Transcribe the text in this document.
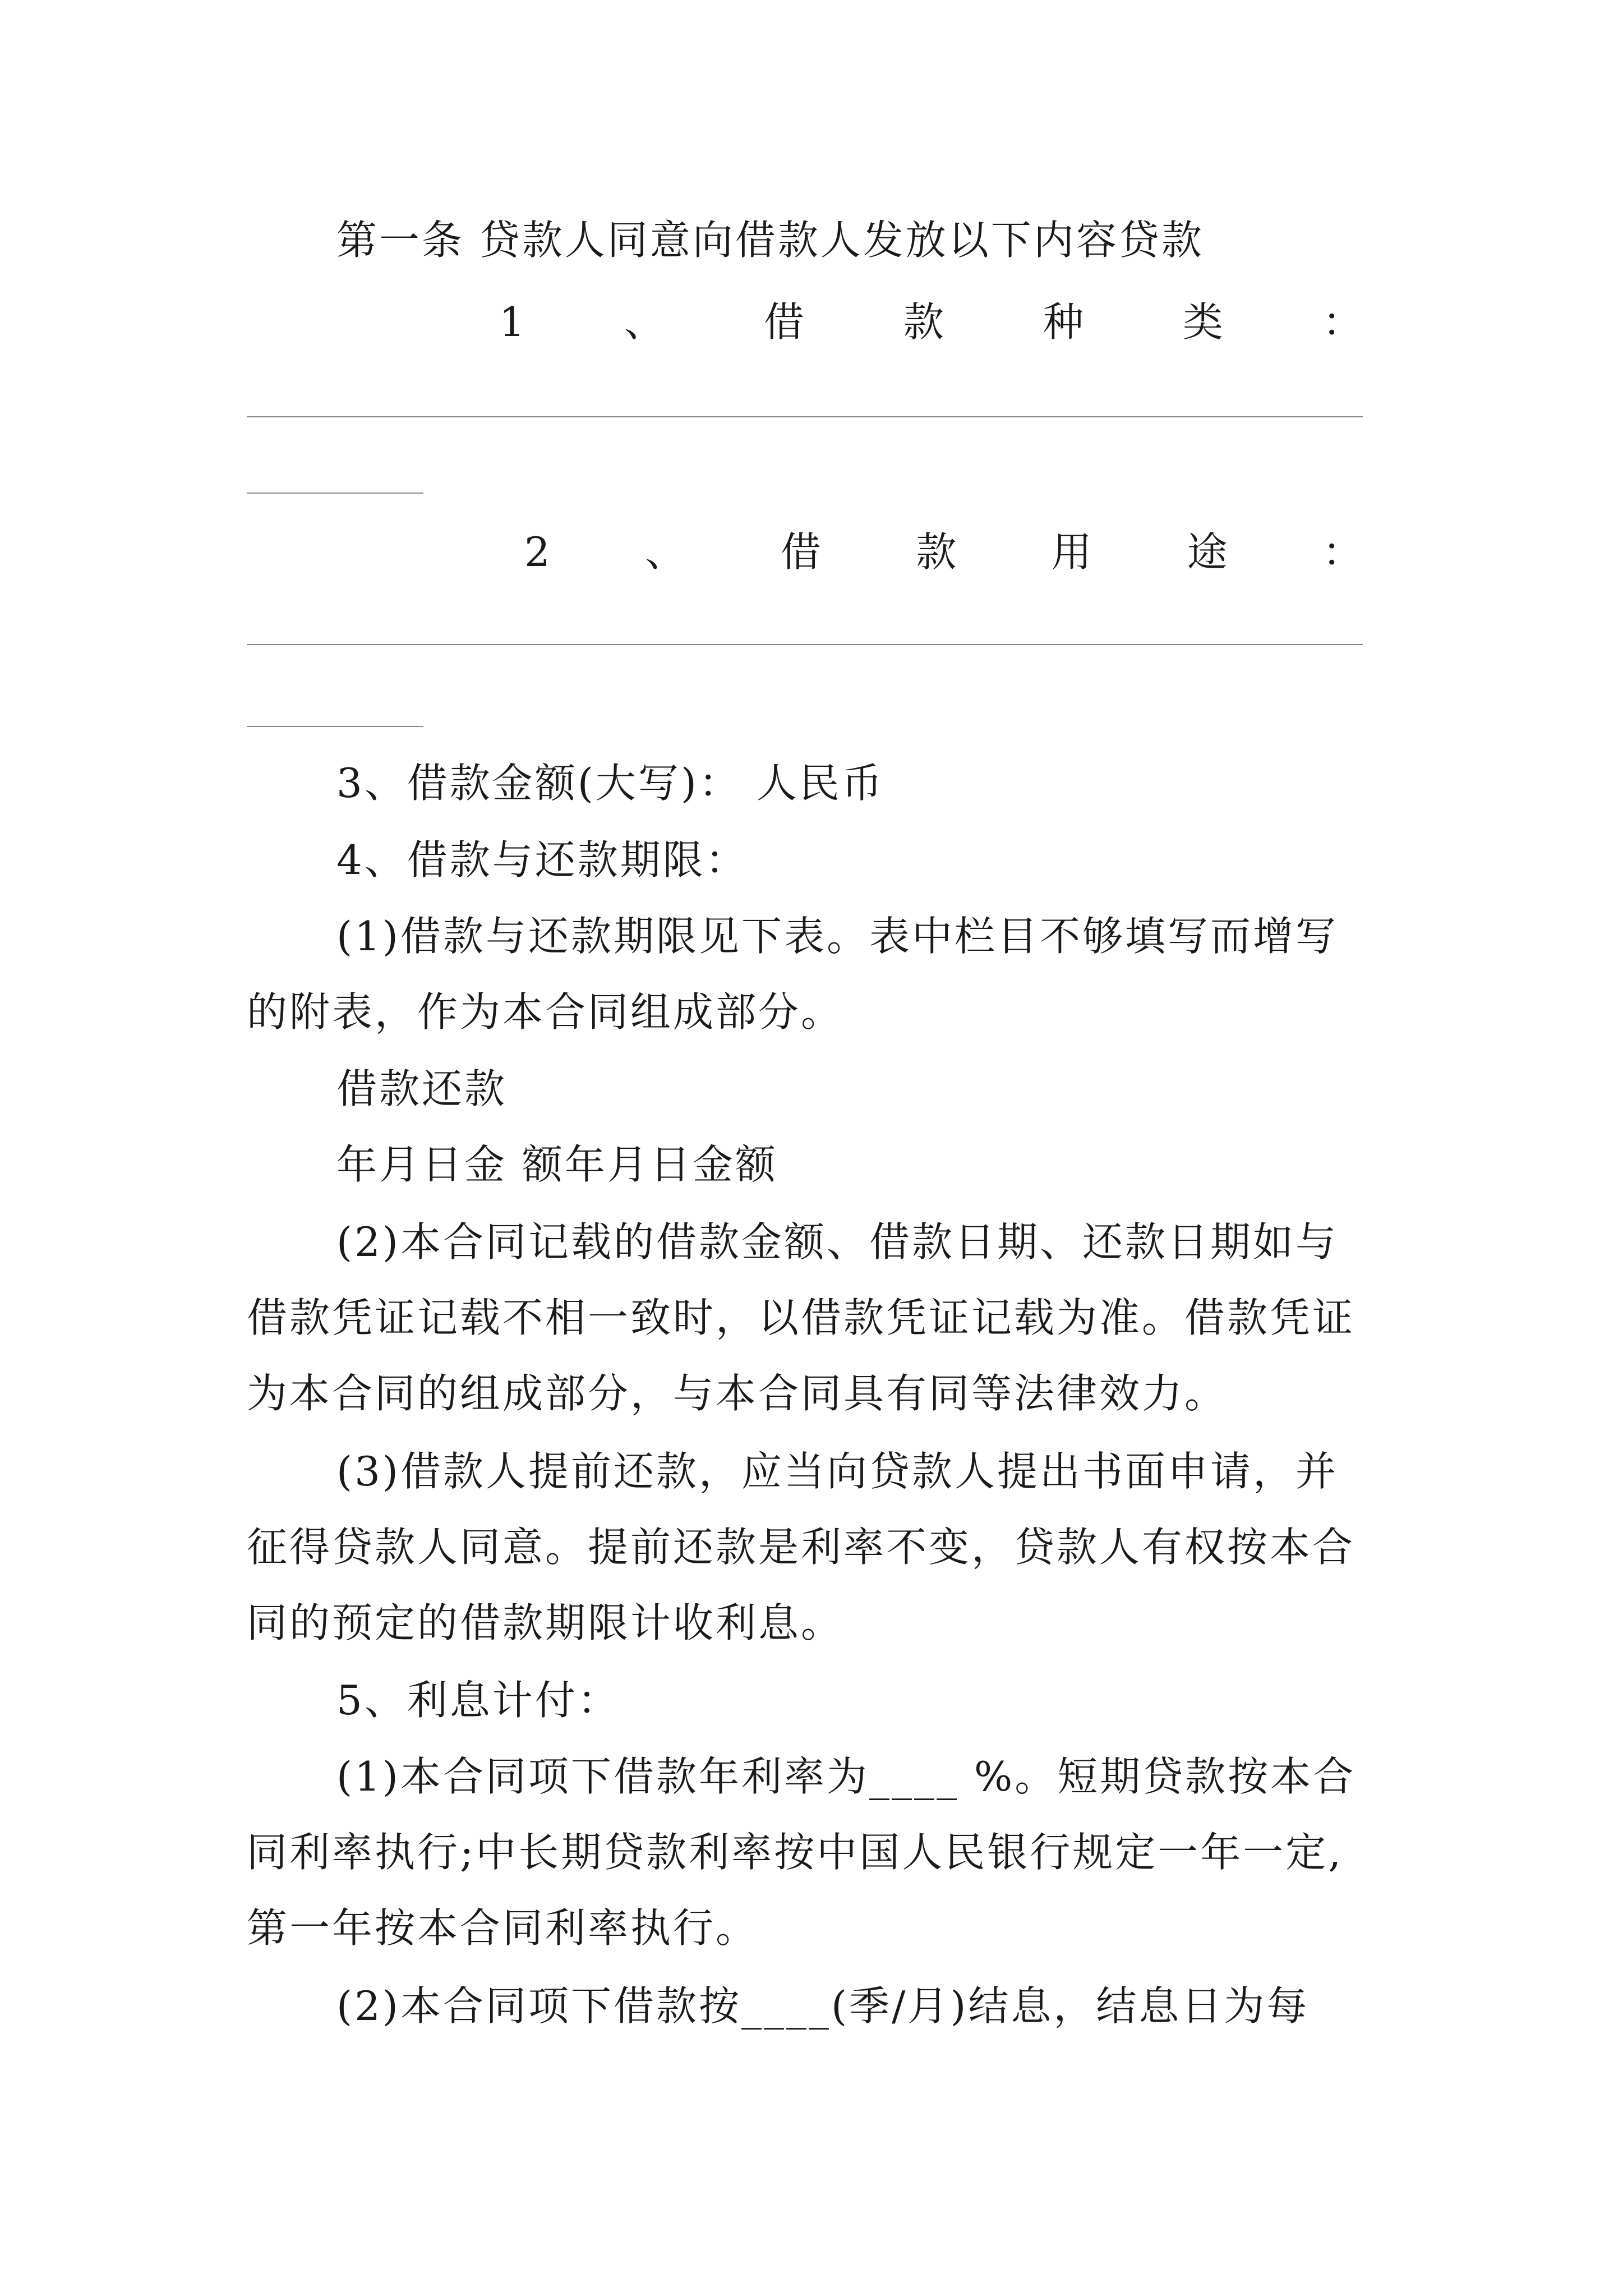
第一条 贷款人同意向借款人发放以下内容贷款
1 、 借 款 种 类 ：
2 、 借 款 用 途 ：
3、借款金额(大写)： 人民币
4、借款与还款期限：
(1)借款与还款期限见下表。表中栏目不够填写而增写
的附表，作为本合同组成部分。
借款还款
年月日金 额年月日金额
(2)本合同记载的借款金额、借款日期、还款日期如与
借款凭证记载不相一致时，以借款凭证记载为准。借款凭证
为本合同的组成部分，与本合同具有同等法律效力。
(3)借款人提前还款，应当向贷款人提出书面申请，并
征得贷款人同意。提前还款是利率不变，贷款人有权按本合
同的预定的借款期限计收利息。
5、利息计付：
(1)本合同项下借款年利率为____ %。短期贷款按本合
同利率执行;中长期贷款利率按中国人民银行规定一年一定,
第一年按本合同利率执行。
(2)本合同项下借款按____(季/月)结息，结息日为每
